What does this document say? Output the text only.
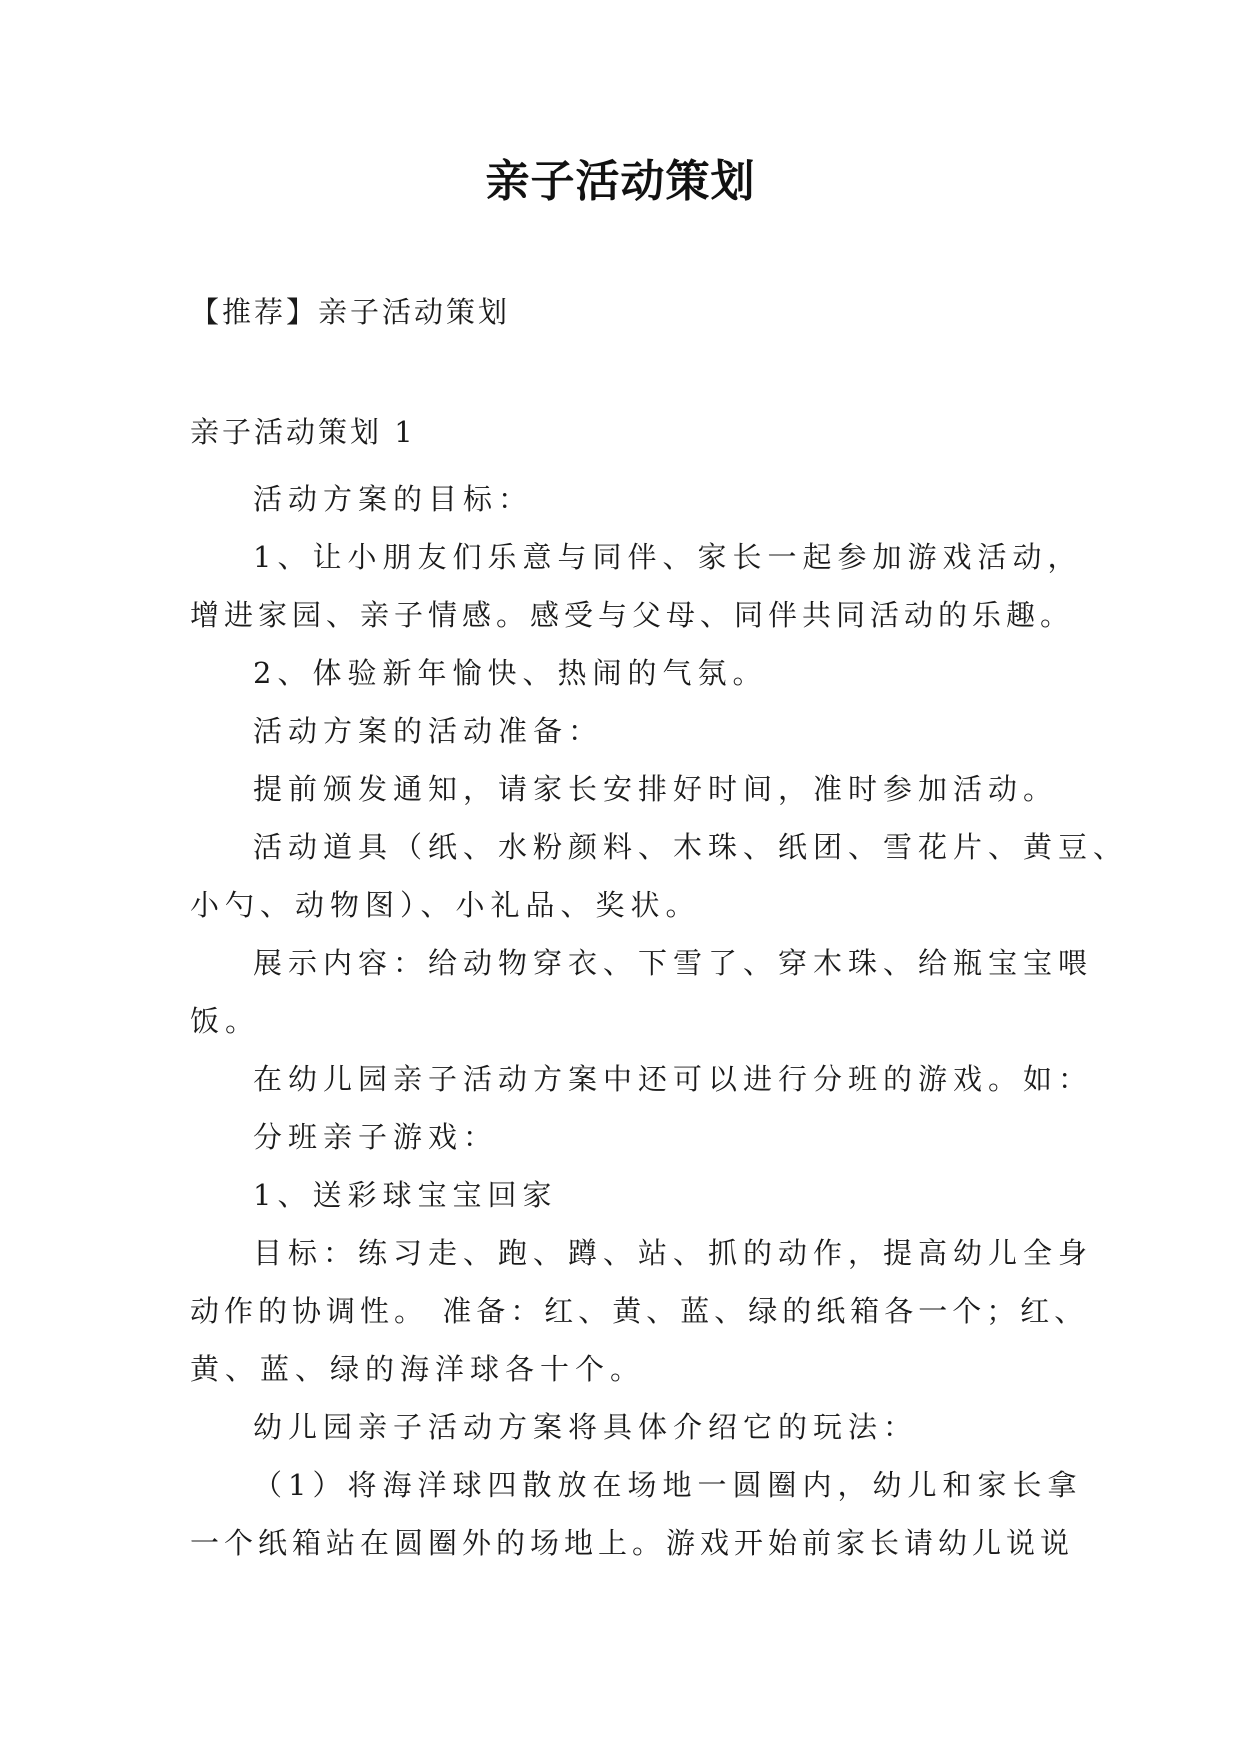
亲子活动策划
【推荐】亲子活动策划
亲子活动策划 1
活动方案的目标：
1、让小朋友们乐意与同伴、家长一起参加游戏活动，
增进家园、亲子情感。感受与父母、同伴共同活动的乐趣。
2、体验新年愉快、热闹的气氛。
活动方案的活动准备：
提前颁发通知，请家长安排好时间，准时参加活动。
活动道具（纸、水粉颜料、木珠、纸团、雪花片、黄豆、
小勺、动物图）、小礼品、奖状。
展示内容：给动物穿衣、下雪了、穿木珠、给瓶宝宝喂
饭。
在幼儿园亲子活动方案中还可以进行分班的游戏。如：
分班亲子游戏：
1、送彩球宝宝回家
目标：练习走、跑、蹲、站、抓的动作，提高幼儿全身
动作的协调性。 准备：红、黄、蓝、绿的纸箱各一个；红、
黄、蓝、绿的海洋球各十个。
幼儿园亲子活动方案将具体介绍它的玩法：
（1）将海洋球四散放在场地一圆圈内，幼儿和家长拿
一个纸箱站在圆圈外的场地上。游戏开始前家长请幼儿说说
